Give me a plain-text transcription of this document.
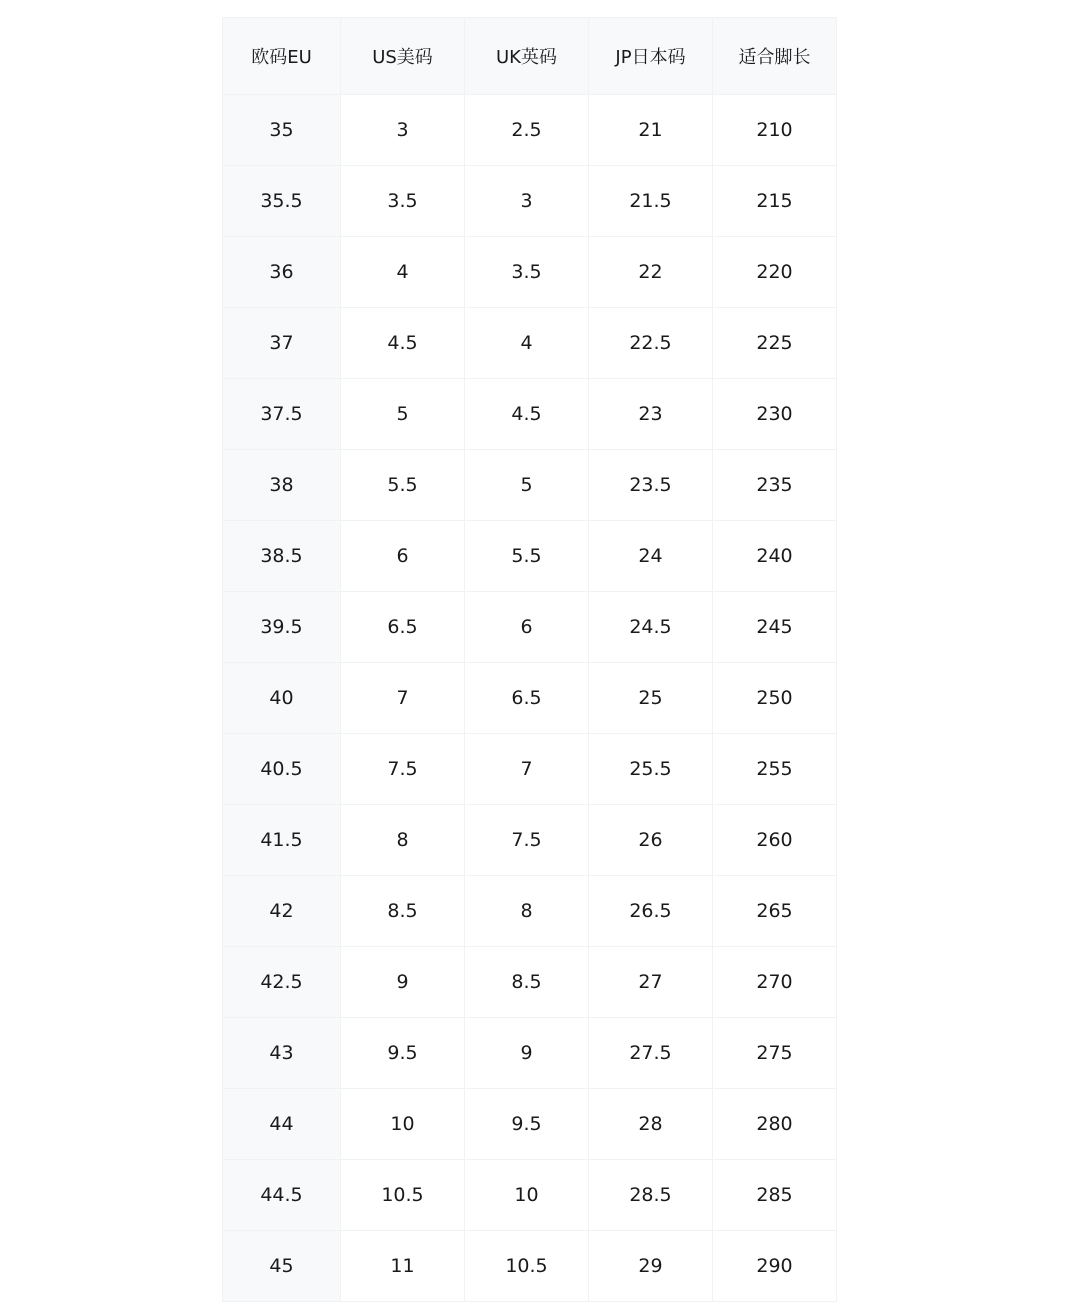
欧码EU	US美码	UK英码	JP日本码	适合脚长
35	3	2.5	21	210
35.5	3.5	3	21.5	215
36	4	3.5	22	220
37	4.5	4	22.5	225
37.5	5	4.5	23	230
38	5.5	5	23.5	235
38.5	6	5.5	24	240
39.5	6.5	6	24.5	245
40	7	6.5	25	250
40.5	7.5	7	25.5	255
41.5	8	7.5	26	260
42	8.5	8	26.5	265
42.5	9	8.5	27	270
43	9.5	9	27.5	275
44	10	9.5	28	280
44.5	10.5	10	28.5	285
45	11	10.5	29	290
